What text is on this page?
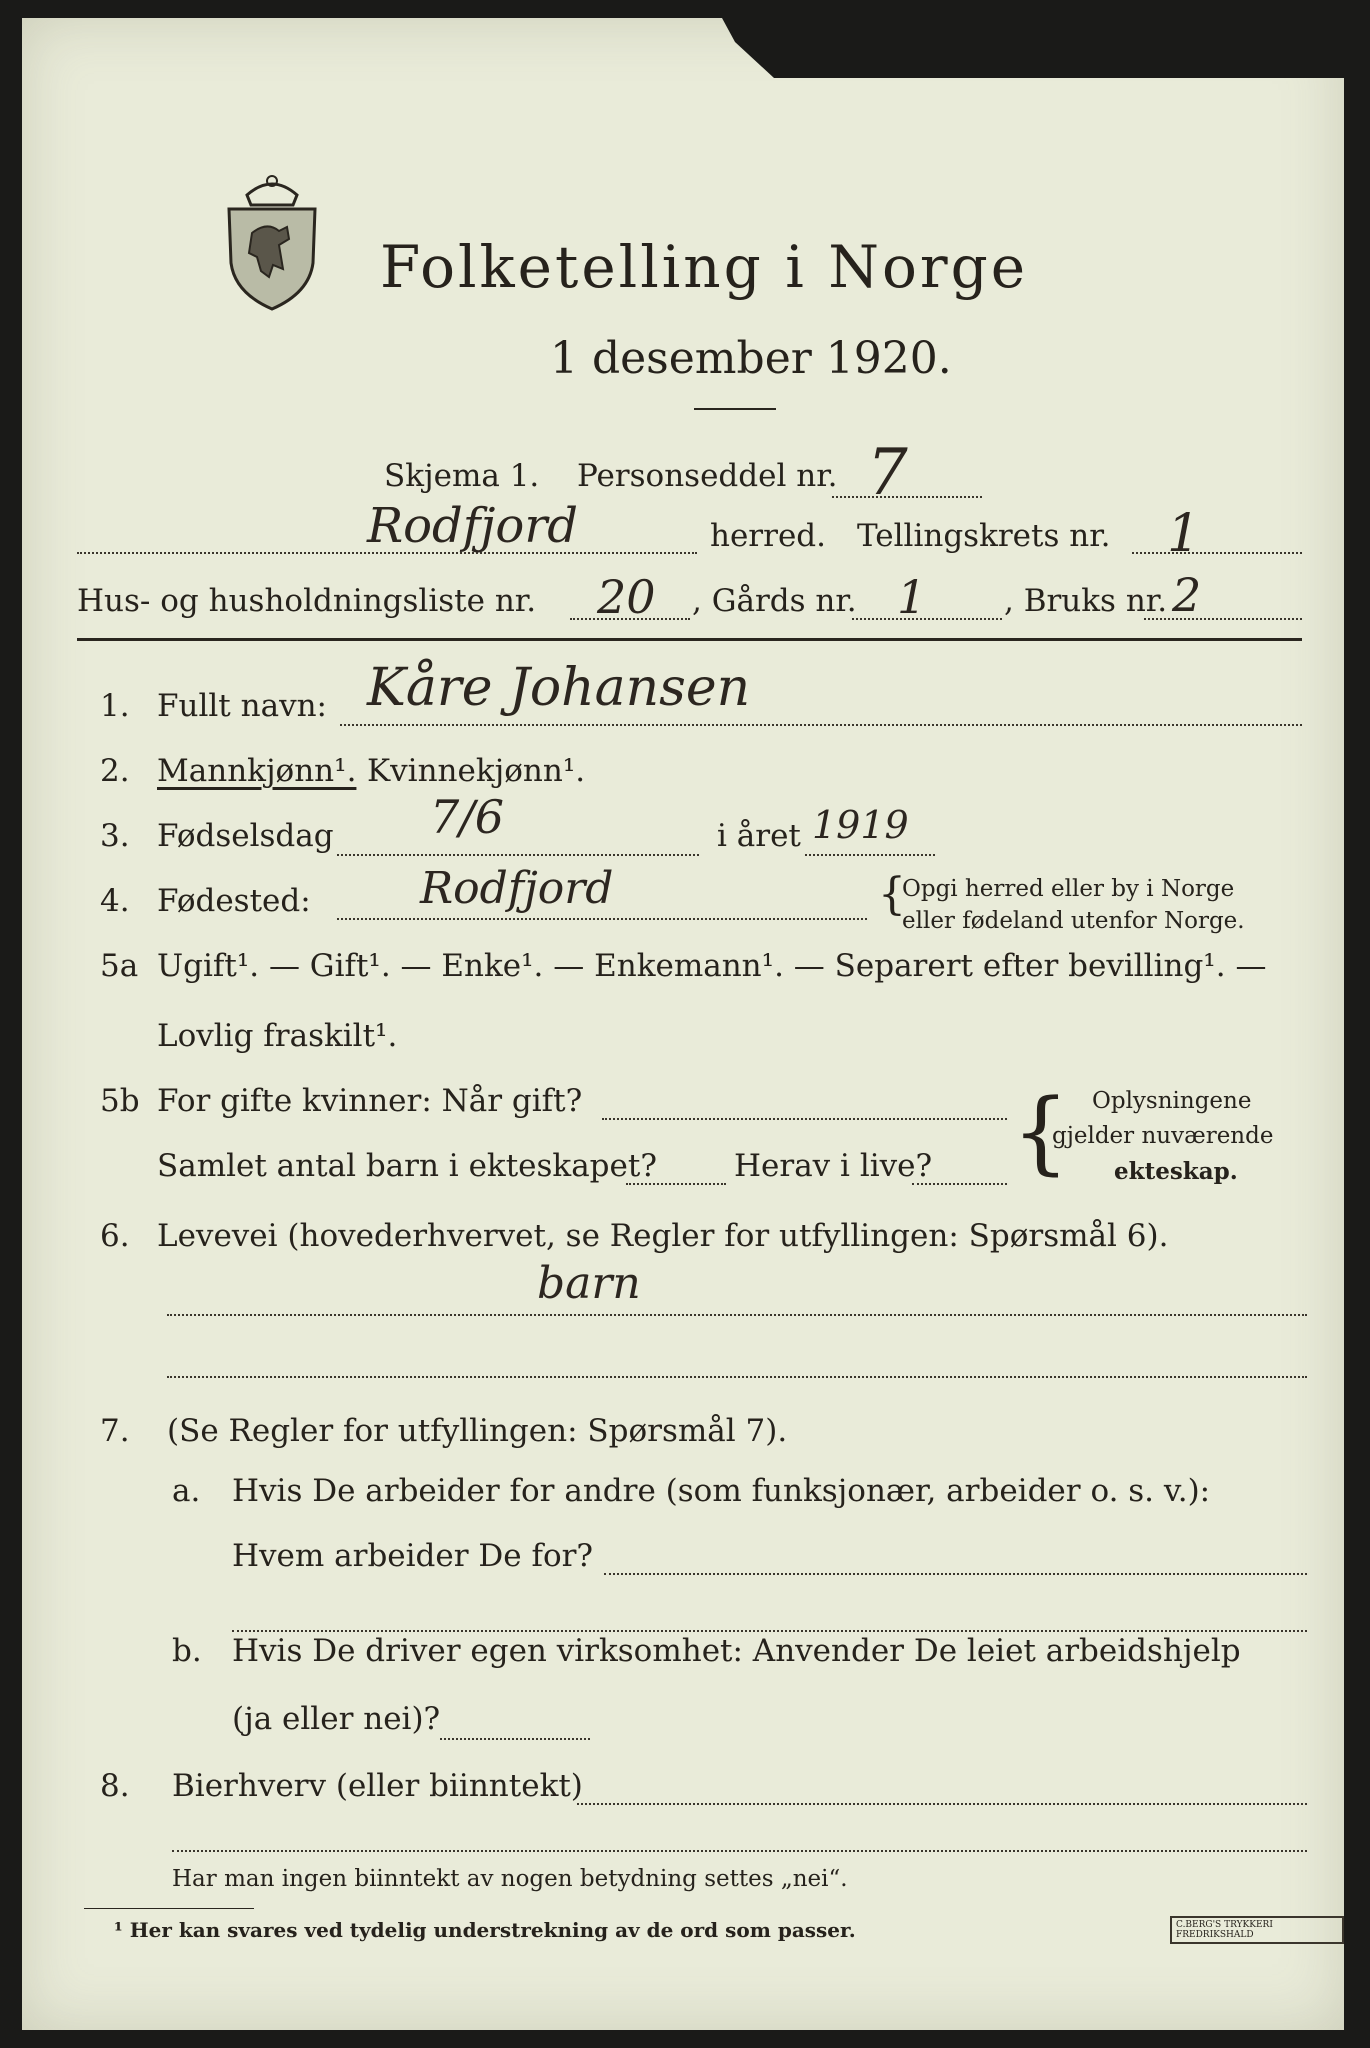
Folketelling i Norge
1 desember 1920.
Skjema 1. Personseddel nr. 7
Rodfjord	herred. Tellingskrets nr. 1
Hus- og husholdningsliste nr. 20 , Gårds nr. 1	, Bruks nr. 2
1. Fullt navn: Kåre Johansen
2. Mannkjønn¹. Kvinnekjønn¹.
3. Fødselsdag 7/6	i året 1919
4. Fødested: Rodfjord	{
Opgi herred eller by i Norge
eller fødeland utenfor Norge.
5a Ugift¹. — Gift¹. — Enke¹. — Enkemann¹. — Separert efter bevilling¹. —
Lovlig fraskilt¹.
5b For gifte kvinner: Når gift?
Samlet antal barn i ekteskapet? Herav i live? { Oplysningene
gjelder nuværende
ekteskap.
6. Levevei (hovederhvervet, se Regler for utfyllingen: Spørsmål 6).
barn
7. (Se Regler for utfyllingen: Spørsmål 7).
a. Hvis De arbeider for andre (som funksjonær, arbeider o. s. v.):
Hvem arbeider De for?
b. Hvis De driver egen virksomhet: Anvender De leiet arbeidshjelp
(ja eller nei)?
8. Bierhverv (eller biinntekt)
Har man ingen biinntekt av nogen betydning settes „nei“.
¹ Her kan svares ved tydelig understrekning av de ord som passer.	C.BERG'S TRYKKERI FREDRIKSHALD
